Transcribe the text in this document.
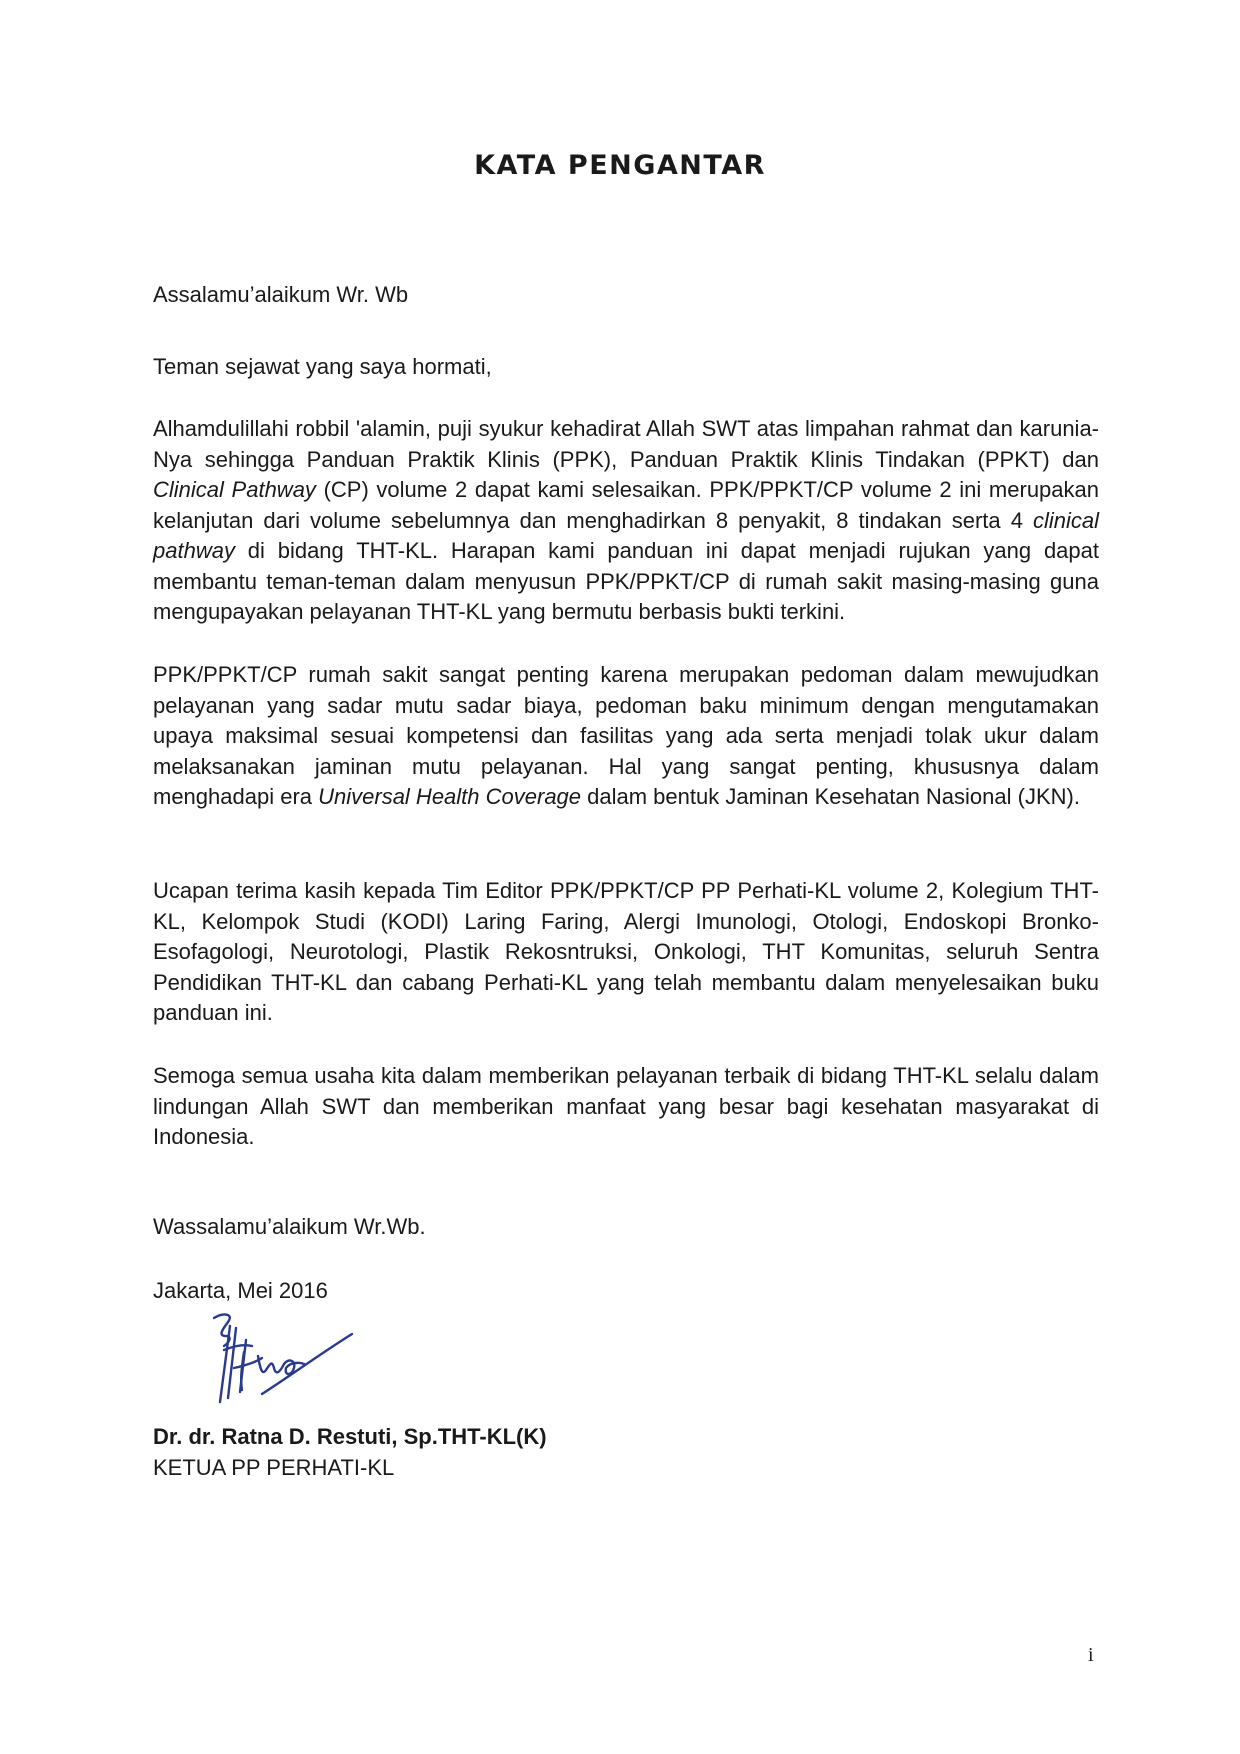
KATA PENGANTAR
Assalamu’alaikum Wr. Wb
Teman sejawat yang saya hormati,

Alhamdulillahi robbil 'alamin, puji syukur kehadirat Allah SWT atas limpahan rahmat dan karunia-Nya sehingga Panduan Praktik Klinis (PPK), Panduan Praktik Klinis Tindakan (PPKT) dan Clinical Pathway (CP) volume 2 dapat kami selesaikan. PPK/PPKT/CP volume 2 ini merupakan kelanjutan dari volume sebelumnya dan menghadirkan 8 penyakit, 8 tindakan serta 4 clinical pathway di bidang THT-KL. Harapan kami panduan ini dapat menjadi rujukan yang dapat membantu teman-teman dalam menyusun PPK/PPKT/CP di rumah sakit masing-masing guna mengupayakan pelayanan THT-KL yang bermutu berbasis bukti terkini.

PPK/PPKT/CP rumah sakit sangat penting karena merupakan pedoman dalam mewujudkan pelayanan yang sadar mutu sadar biaya, pedoman baku minimum dengan mengutamakan upaya maksimal sesuai kompetensi dan fasilitas yang ada serta menjadi tolak ukur dalam melaksanakan jaminan mutu pelayanan. Hal yang sangat penting, khususnya dalam menghadapi era Universal Health Coverage dalam bentuk Jaminan Kesehatan Nasional (JKN).

Ucapan terima kasih kepada Tim Editor PPK/PPKT/CP PP Perhati-KL volume 2, Kolegium THT-KL, Kelompok Studi (KODI) Laring Faring, Alergi Imunologi, Otologi, Endoskopi Bronko-Esofagologi, Neurotologi, Plastik Rekosntruksi, Onkologi, THT Komunitas, seluruh Sentra Pendidikan THT-KL dan cabang Perhati-KL yang telah membantu dalam menyelesaikan buku panduan ini.

Semoga semua usaha kita dalam memberikan pelayanan terbaik di bidang THT-KL selalu dalam lindungan Allah SWT dan memberikan manfaat yang besar bagi kesehatan masyarakat di Indonesia.

Wassalamu’alaikum Wr.Wb.
Jakarta, Mei 2016
Dr. dr. Ratna D. Restuti, Sp.THT-KL(K)
KETUA PP PERHATI-KL
i
